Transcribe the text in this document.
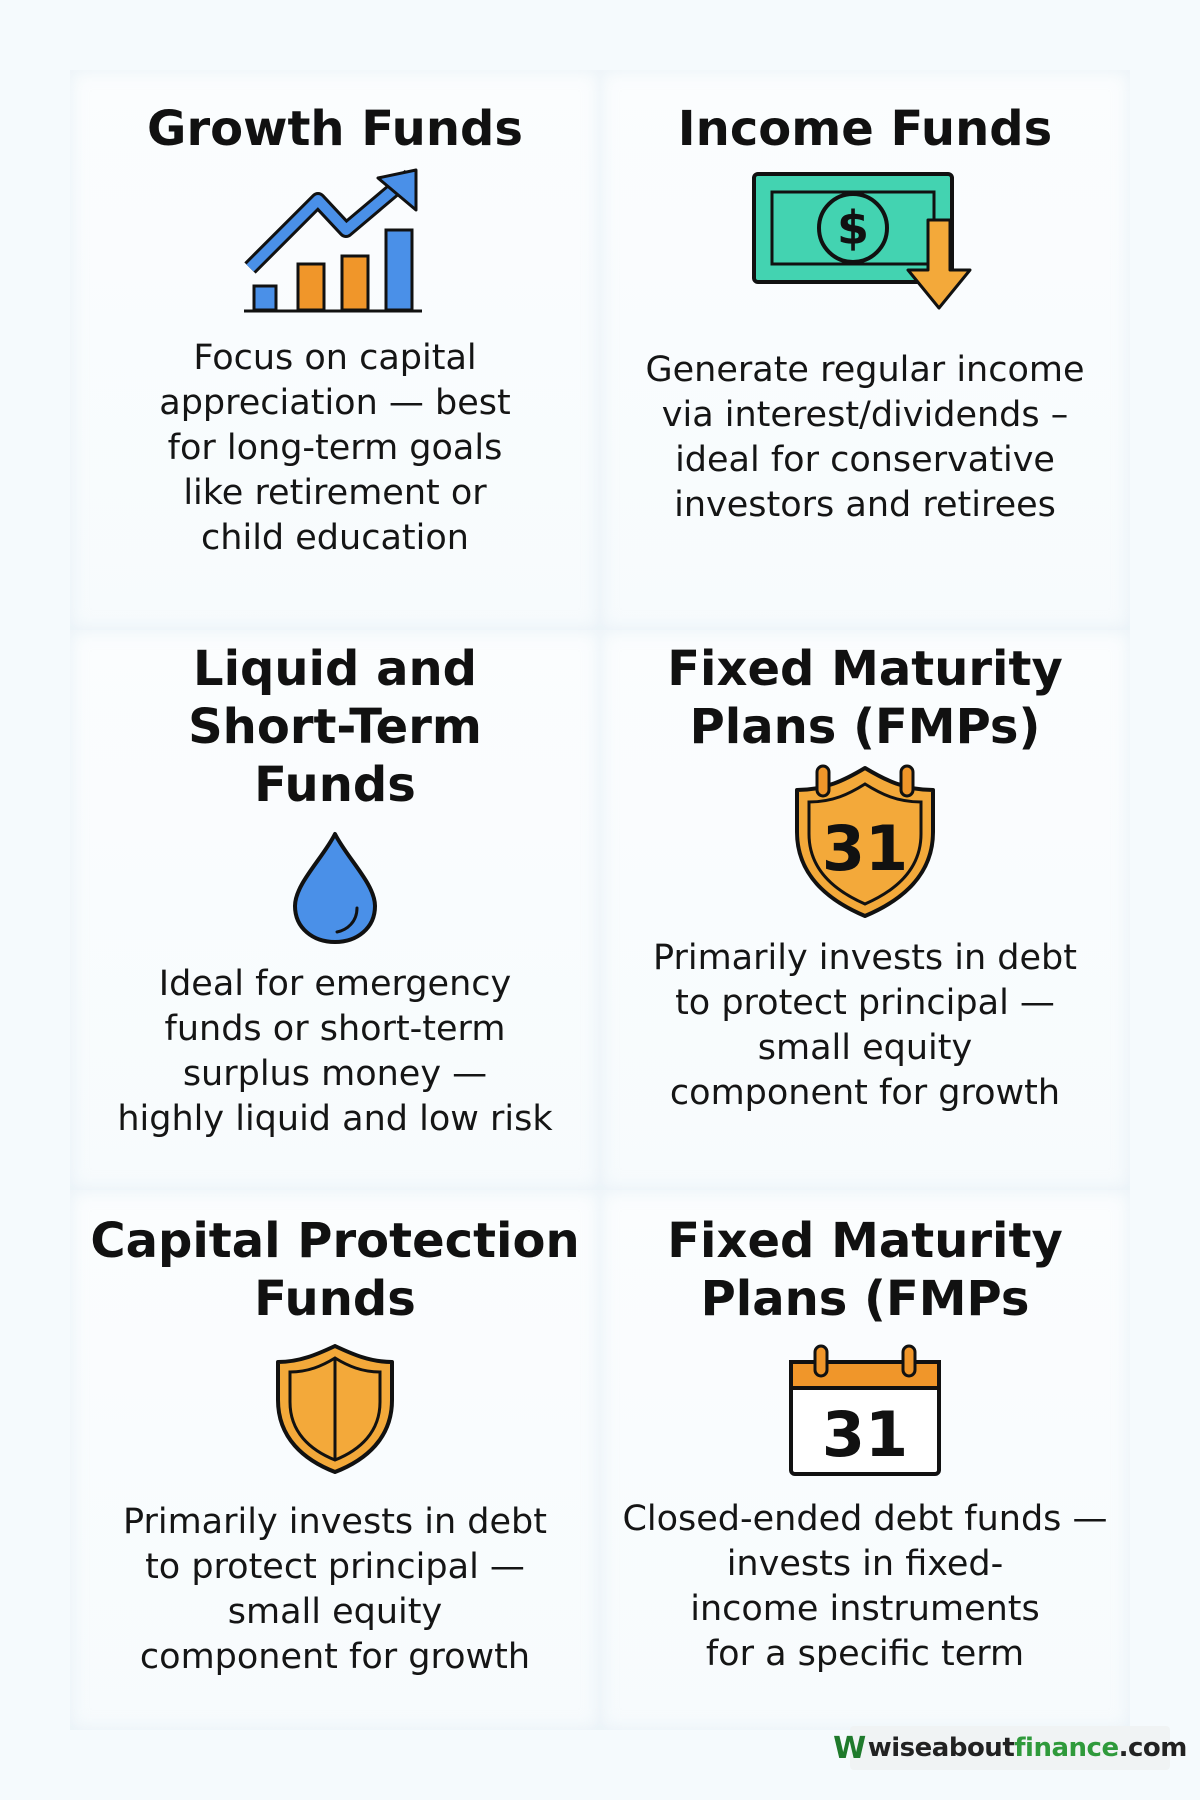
Growth Funds

Focus on capital
appreciation — best
for long-term goals
like retirement or
child education

Income Funds
$

Generate regular income
via interest/dividends –
ideal for conservative
investors and retirees

Liquid and
Short-Term
Funds

Ideal for emergency
funds or short-term
surplus money —
highly liquid and low risk

Fixed Maturity
Plans (FMPs)
31

Primarily invests in debt
to protect principal —
small equity
component for growth

Capital Protection
Funds

Primarily invests in debt
to protect principal —
small equity
component for growth

Fixed Maturity
Plans (FMPs
31

Closed-ended debt funds —
invests in fixed-
income instruments
for a specific term

W wiseabout finance .com
